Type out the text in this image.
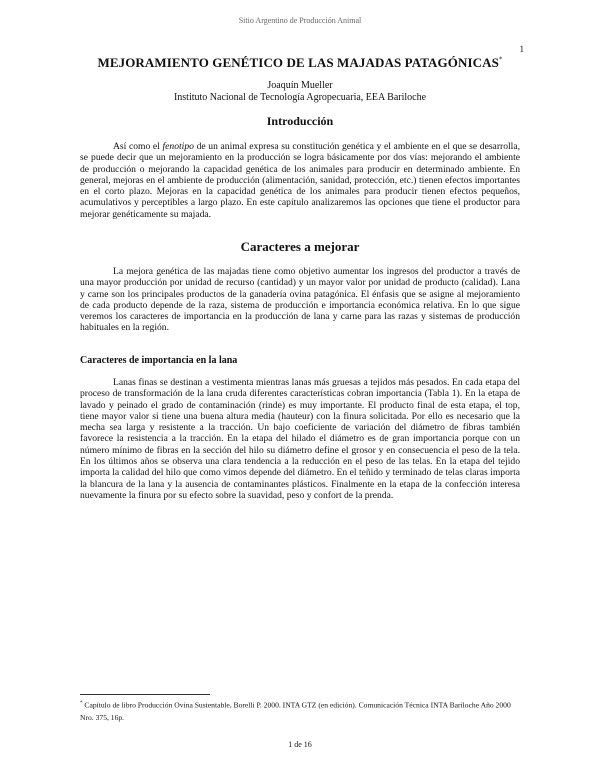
Sitio Argentino de Producción Animal
1
MEJORAMIENTO GENÉTICO DE LAS MAJADAS PATAGÓNICAS*
Joaquín Mueller
Instituto Nacional de Tecnología Agropecuaria, EEA Bariloche
Introducción

Así como el fenotipo de un animal expresa su constitución genética y el ambiente en el que se desarrolla, se puede decir que un mejoramiento en la producción se logra básicamente por dos vías: mejorando el ambiente de producción o mejorando la capacidad genética de los animales para producir en determinado ambiente. En general, mejoras en el ambiente de producción (alimentación, sanidad, protección, etc.) tienen efectos importantes en el corto plazo. Mejoras en la capacidad genética de los animales para producir tienen efectos pequeños, acumulativos y perceptibles a largo plazo. En este capítulo analizaremos las opciones que tiene el productor para mejorar genéticamente su majada.

Caracteres a mejorar

La mejora genética de las majadas tiene como objetivo aumentar los ingresos del productor a través de una mayor producción por unidad de recurso (cantidad) y un mayor valor por unidad de producto (calidad). Lana y carne son los principales productos de la ganadería ovina patagónica. El énfasis que se asigne al mejoramiento de cada producto depende de la raza, sistema de producción e importancia económica relativa. En lo que sigue veremos los caracteres de importancia en la producción de lana y carne para las razas y sistemas de producción habituales en la región.

Caracteres de importancia en la lana

Lanas finas se destinan a vestimenta mientras lanas más gruesas a tejidos más pesados. En cada etapa del proceso de transformación de la lana cruda diferentes características cobran importancia (Tabla 1). En la etapa de lavado y peinado el grado de contaminación (rinde) es muy importante. El producto final de esta etapa, el top, tiene mayor valor si tiene una buena altura media (hauteur) con la finura solicitada. Por ello es necesario que la mecha sea larga y resistente a la tracción. Un bajo coeficiente de variación del diámetro de fibras también favorece la resistencia a la tracción. En la etapa del hilado el diámetro es de gran importancia porque con un número mínimo de fibras en la sección del hilo su diámetro define el grosor y en consecuencia el peso de la tela. En los últimos años se observa una clara tendencia a la reducción en el peso de las telas. En la etapa del tejido importa la calidad del hilo que como vimos depende del diámetro. En el teñido y terminado de telas claras importa la blancura de la lana y la ausencia de contaminantes plásticos. Finalmente en la etapa de la confección interesa nuevamente la finura por su efecto sobre la suavidad, peso y confort de la prenda.

* Capítulo de libro Producción Ovina Sustentable, Borelli P. 2000. INTA GTZ (en edición). Comunicación Técnica INTA Bariloche Año 2000 Nro. 375, 16p.
1 de 16
